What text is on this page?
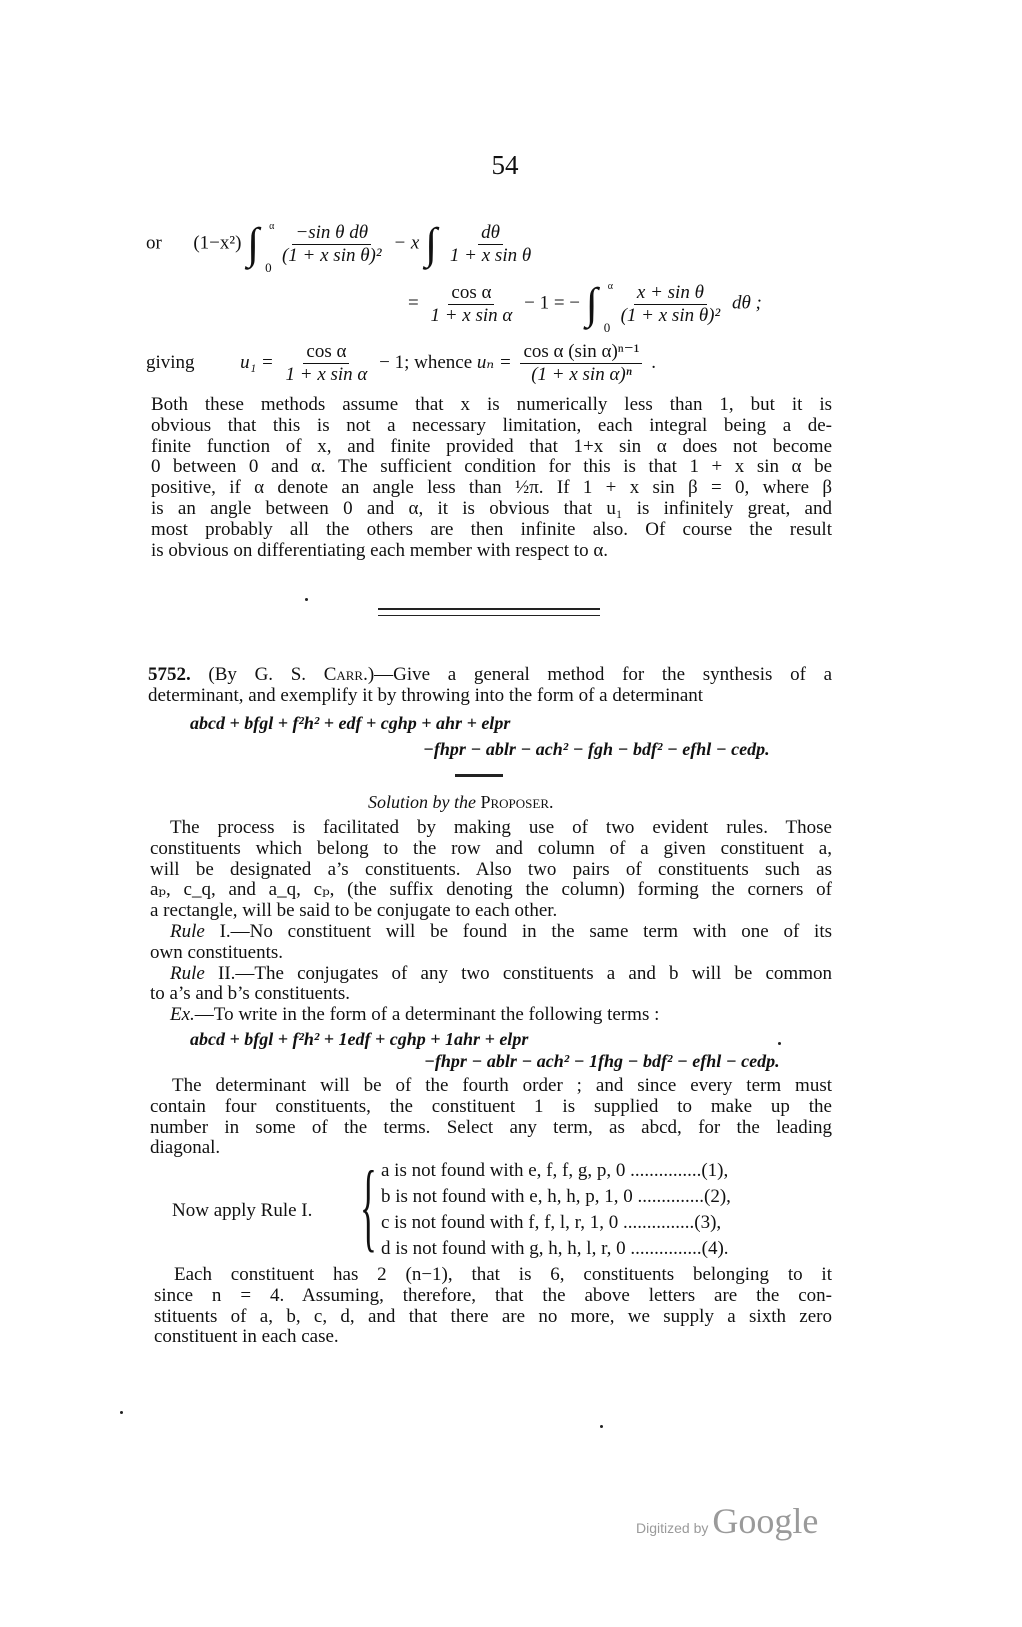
54
or (1−x²) ∫ α
0

$\frac{\text{−sin θ dθ}}{\text{(1 + x sin θ)²}} - x$ ∫ $\frac{d\theta}{\text{1 + x sin θ}}$
= $\frac{\text{cos α}}{\text{1 + x sin α}} - 1$ = − ∫ α
0

$\frac{\text{x + sin θ}}{\text{(1 + x sin θ)²}}$ dθ ;
giving $u_1 = \frac{\text{cos α}}{\text{1 + x sin α}} - 1$; whence $u_n = \frac{\text{cos α (sin α)ⁿ⁻¹}}{\text{(1 + x sin α)ⁿ}}$ .
Both these methods assume that x is numerically less than 1, but it is
obvious that this is not a necessary limitation, each integral being a de-
finite function of x, and finite provided that 1+x sin α does not become
0 between 0 and α. The sufficient condition for this is that 1 + x sin α be
positive, if α denote an angle less than ½π. If 1 + x sin β = 0, where β
is an angle between 0 and α, it is obvious that u₁ is infinitely great, and
most probably all the others are then infinite also. Of course the result
is obvious on differentiating each member with respect to α.
5752. (By G. S. Carr.)—Give a general method for the synthesis of a
determinant, and exemplify it by throwing into the form of a determinant
abcd + bfgl + f²h² + edf + cghp + ahr + elpr
−fhpr − ablr − ach² − fgh − bdf² − efhl − cedp.
Solution by the Proposer.
The process is facilitated by making use of two evident rules. Those
constituents which belong to the row and column of a given constituent a,
will be designated a’s constituents. Also two pairs of constituents such as
aₚ, c_q, and a_q, cₚ, (the suffix denoting the column) forming the corners of
a rectangle, will be said to be conjugate to each other.
Rule I.—No constituent will be found in the same term with one of its
own constituents.
Rule II.—The conjugates of any two constituents a and b will be common
to a’s and b’s constituents.
Ex.—To write in the form of a determinant the following terms :
abcd + bfgl + f²h² + 1edf + cghp + 1ahr + elpr
−fhpr − ablr − ach² − 1fhg − bdf² − efhl − cedp.
The determinant will be of the fourth order ; and since every term must
contain four constituents, the constituent 1 is supplied to make up the
number in some of the terms. Select any term, as abcd, for the leading
diagonal.
Now apply Rule I. { a is not found with e, f, f, g, p, 0 ...............(1),
b is not found with e, h, h, p, 1, 0 ..............(2),
c is not found with f, f, l, r, 1, 0 ...............(3),
d is not found with g, h, h, l, r, 0 ...............(4).
Each constituent has 2 (n−1), that is 6, constituents belonging to it
since n = 4. Assuming, therefore, that the above letters are the con-
stituents of a, b, c, d, and that there are no more, we supply a sixth zero
constituent in each case.
Digitized by Google
